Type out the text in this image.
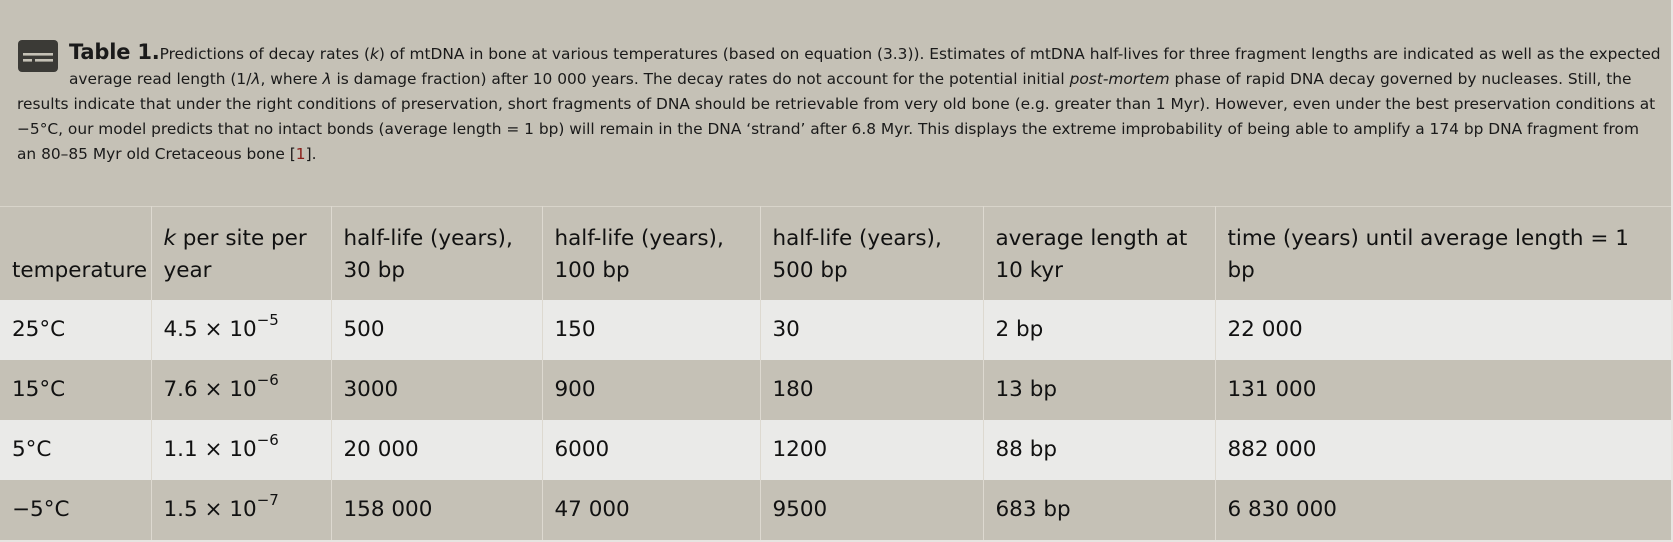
Table 1.Predictions of decay rates (k) of mtDNA in bone at various temperatures (based on equation (3.3)). Estimates of mtDNA half-lives for three fragment lengths are indicated as well as the expected average read length (1/λ, where λ is damage fraction) after 10 000 years. The decay rates do not account for the potential initial post-mortem phase of rapid DNA decay governed by nucleases. Still, the results indicate that under the right conditions of preservation, short fragments of DNA should be retrievable from very old bone (e.g. greater than 1 Myr). However, even under the best preservation conditions at −5°C, our model predicts that no intact bonds (average length = 1 bp) will remain in the DNA ‘strand’ after 6.8 Myr. This displays the extreme improbability of being able to amplify a 174 bp DNA fragment from an 80–85 Myr old Cretaceous bone [1].
temperature	k per site per year	half-life (years), 30 bp	half-life (years), 100 bp	half-life (years), 500 bp	average length at 10 kyr	time (years) until average length = 1 bp
25°C	$4.5 \times 10^{-5}$	500	150	30	2 bp	22 000
15°C	$7.6 \times 10^{-6}$	3000	900	180	13 bp	131 000
5°C	$1.1 \times 10^{-6}$	20 000	6000	1200	88 bp	882 000
−5°C	$1.5 \times 10^{-7}$	158 000	47 000	9500	683 bp	6 830 000
